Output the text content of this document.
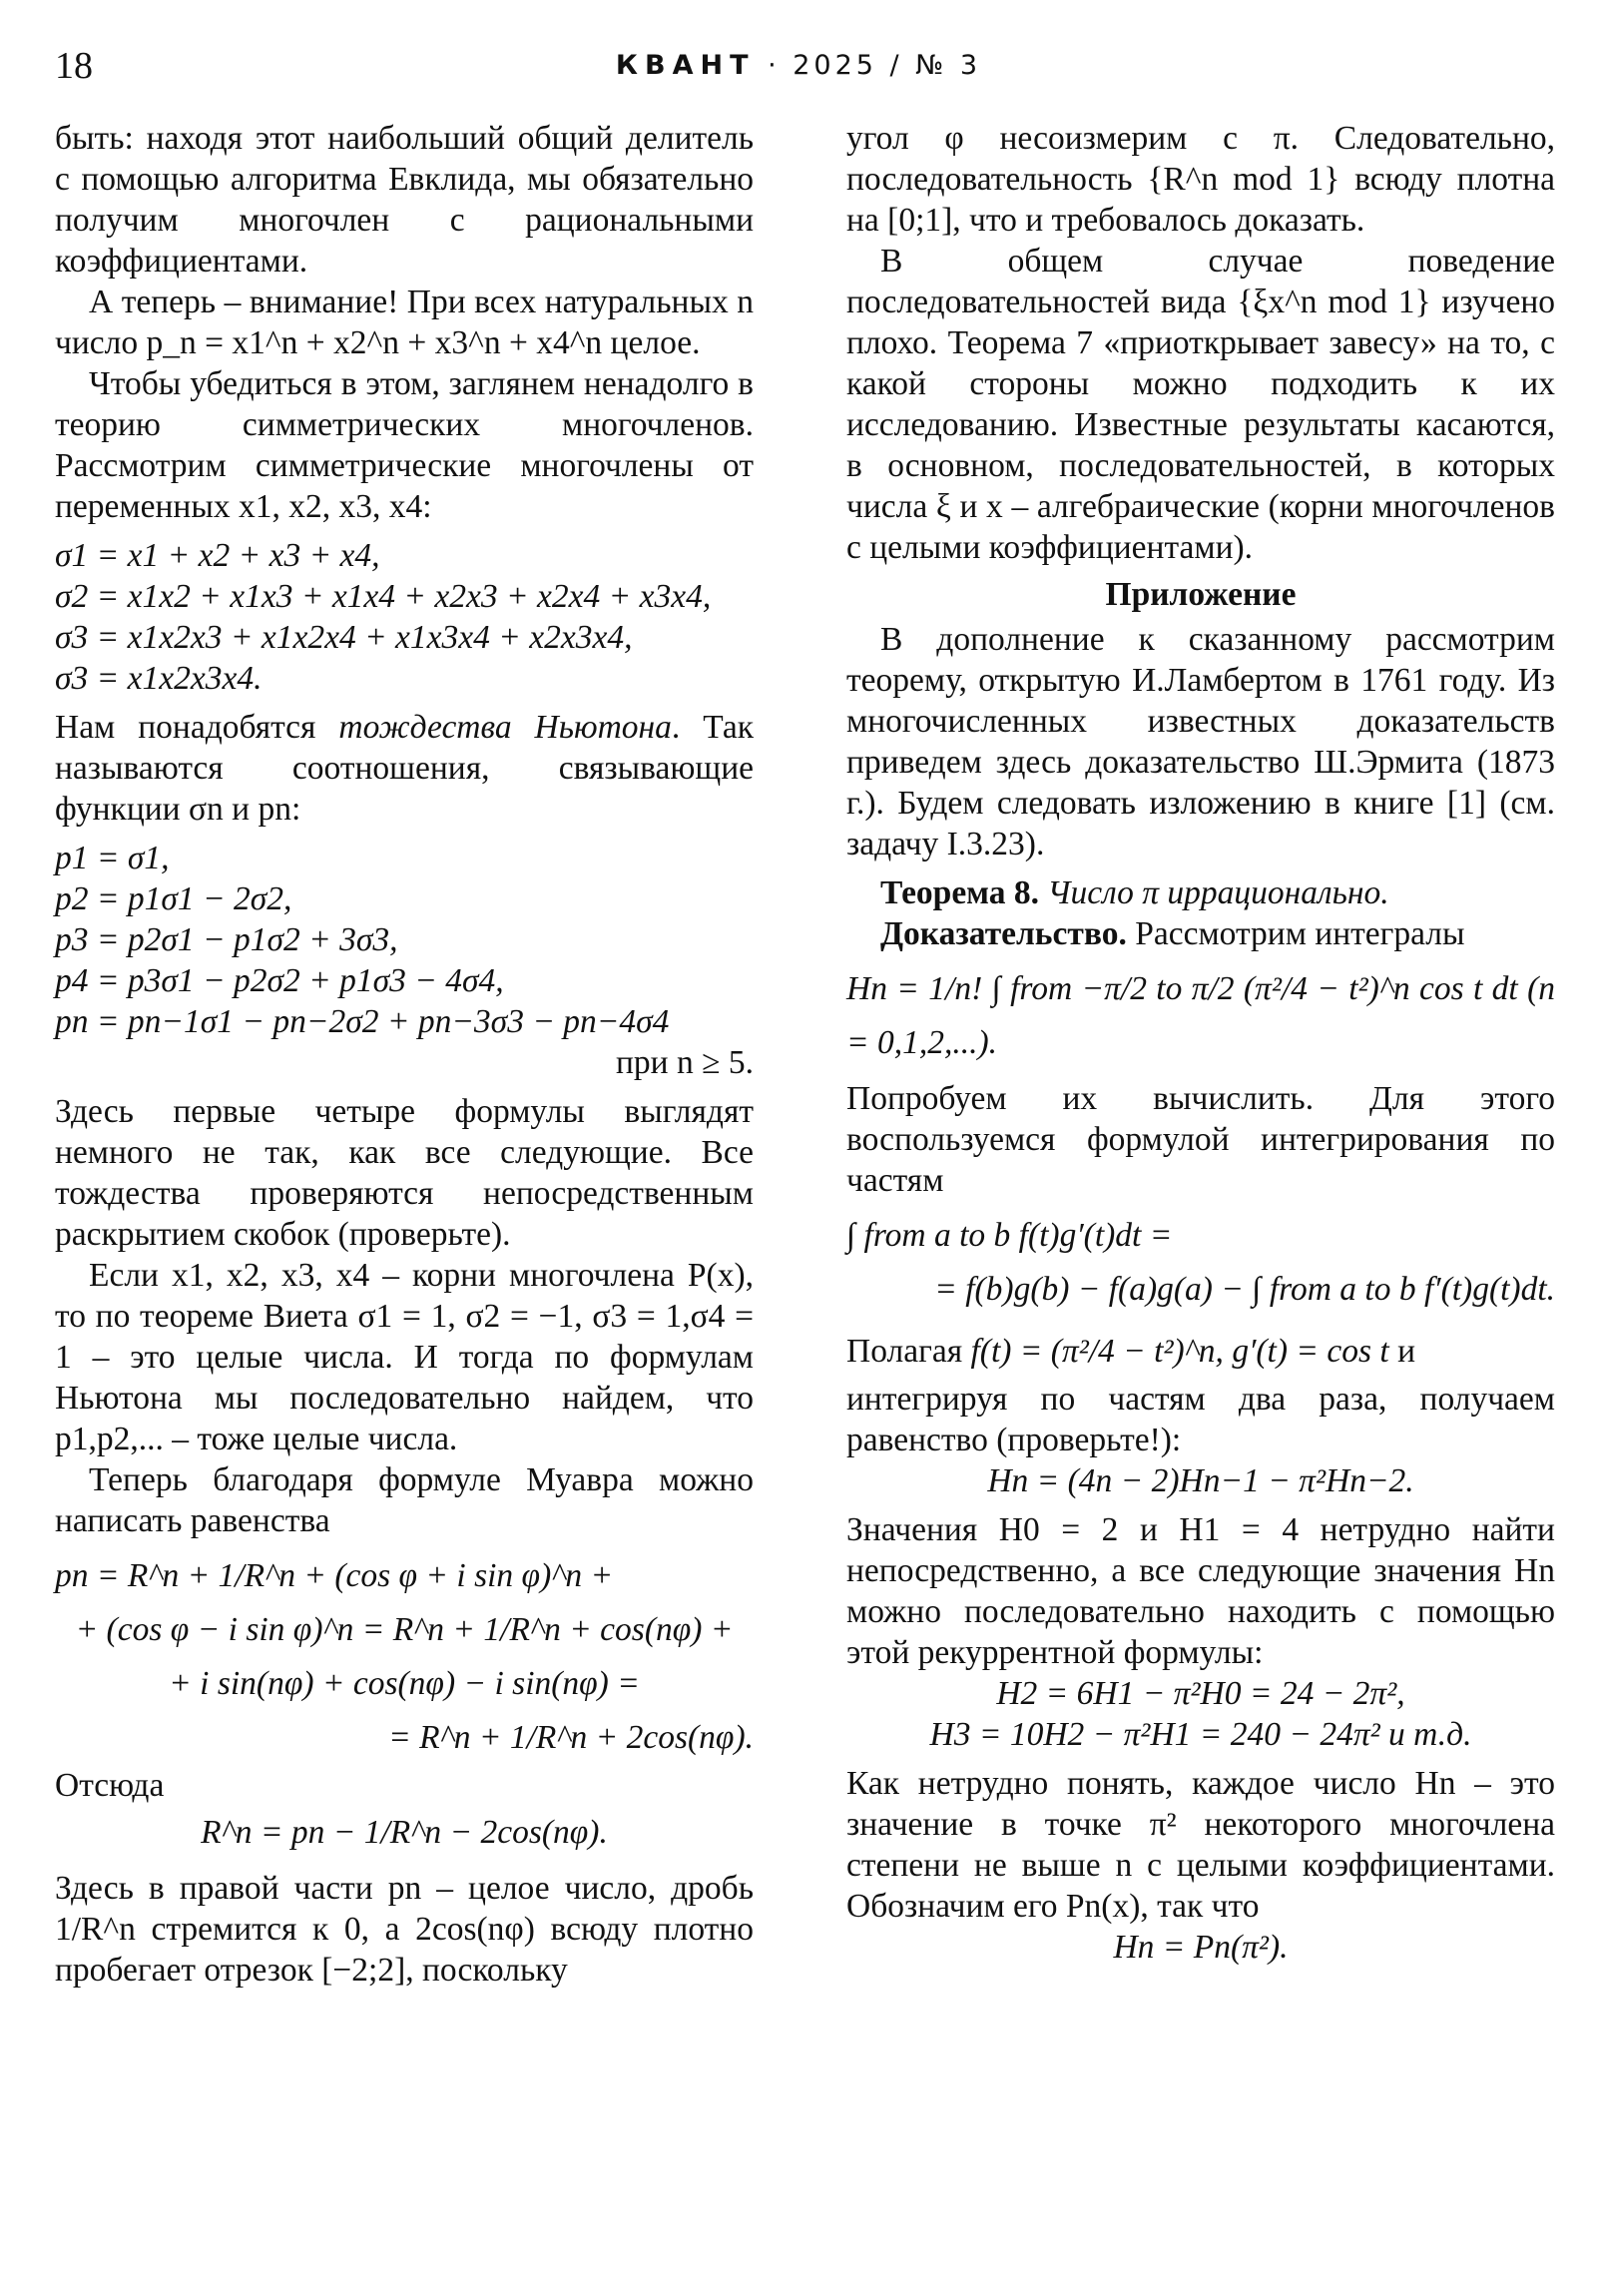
18	КВАНТ · 2025 / № 3

быть: находя этот наибольший общий делитель с помощью алгоритма Евклида, мы обязательно получим многочлен с рациональными коэффициентами.

А теперь – внимание! При всех натуральных n число p_n = x1^n + x2^n + x3^n + x4^n целое.

Чтобы убедиться в этом, заглянем ненадолго в теорию симметрических многочленов. Рассмотрим симметрические многочлены от переменных x1, x2, x3, x4:

σ1 = x1 + x2 + x3 + x4,

σ2 = x1x2 + x1x3 + x1x4 + x2x3 + x2x4 + x3x4,

σ3 = x1x2x3 + x1x2x4 + x1x3x4 + x2x3x4,

σ3 = x1x2x3x4.

Нам понадобятся тождества Ньютона. Так называются соотношения, связывающие функции σn и pn:

p1 = σ1,

p2 = p1σ1 − 2σ2,

p3 = p2σ1 − p1σ2 + 3σ3,

p4 = p3σ1 − p2σ2 + p1σ3 − 4σ4,

pn = pn−1σ1 − pn−2σ2 + pn−3σ3 − pn−4σ4

при n ≥ 5.

Здесь первые четыре формулы выглядят немного не так, как все следующие. Все тождества проверяются непосредственным раскрытием скобок (проверьте).

Если x1, x2, x3, x4 – корни многочлена P(x), то по теореме Виета σ1 = 1, σ2 = −1, σ3 = 1,σ4 = 1 – это целые числа. И тогда по формулам Ньютона мы последовательно найдем, что p1,p2,... – тоже целые числа.

Теперь благодаря формуле Муавра можно написать равенства

pn = R^n + 1/R^n + (cos φ + i sin φ)^n +

+ (cos φ − i sin φ)^n = R^n + 1/R^n + cos(nφ) +

+ i sin(nφ) + cos(nφ) − i sin(nφ) =

= R^n + 1/R^n + 2cos(nφ).

Отсюда

R^n = pn − 1/R^n − 2cos(nφ).

Здесь в правой части pn – целое число, дробь 1/R^n стремится к 0, а 2cos(nφ) всюду плотно пробегает отрезок [−2;2], поскольку

угол φ несоизмерим с π. Следовательно, последовательность {R^n mod 1} всюду плотна на [0;1], что и требовалось доказать.

В общем случае поведение последовательностей вида {ξx^n mod 1} изучено плохо. Теорема 7 «приоткрывает завесу» на то, с какой стороны можно подходить к их исследованию. Известные результаты касаются, в основном, последовательностей, в которых числа ξ и x – алгебраические (корни многочленов с целыми коэффициентами).

Приложение

В дополнение к сказанному рассмотрим теорему, открытую И.Ламбертом в 1761 году. Из многочисленных известных доказательств приведем здесь доказательство Ш.Эрмита (1873 г.). Будем следовать изложению в книге [1] (см. задачу I.3.23).

Теорема 8. Число π иррационально.

Доказательство. Рассмотрим интегралы

Hn = 1/n! ∫ from −π/2 to π/2 (π²/4 − t²)^n cos t dt (n = 0,1,2,...).

Попробуем их вычислить. Для этого воспользуемся формулой интегрирования по частям

∫ from a to b f(t)g′(t)dt =

= f(b)g(b) − f(a)g(a) − ∫ from a to b f′(t)g(t)dt.

Полагая f(t) = (π²/4 − t²)^n, g′(t) = cos t и

интегрируя по частям два раза, получаем равенство (проверьте!):

Hn = (4n − 2)Hn−1 − π²Hn−2.

Значения H0 = 2 и H1 = 4 нетрудно найти непосредственно, а все следующие значения Hn можно последовательно находить с помощью этой рекуррентной формулы:

H2 = 6H1 − π²H0 = 24 − 2π²,

H3 = 10H2 − π²H1 = 240 − 24π² и т.д.

Как нетрудно понять, каждое число Hn – это значение в точке π² некоторого многочлена степени не выше n с целыми коэффициентами. Обозначим его Pn(x), так что

Hn = Pn(π²).
